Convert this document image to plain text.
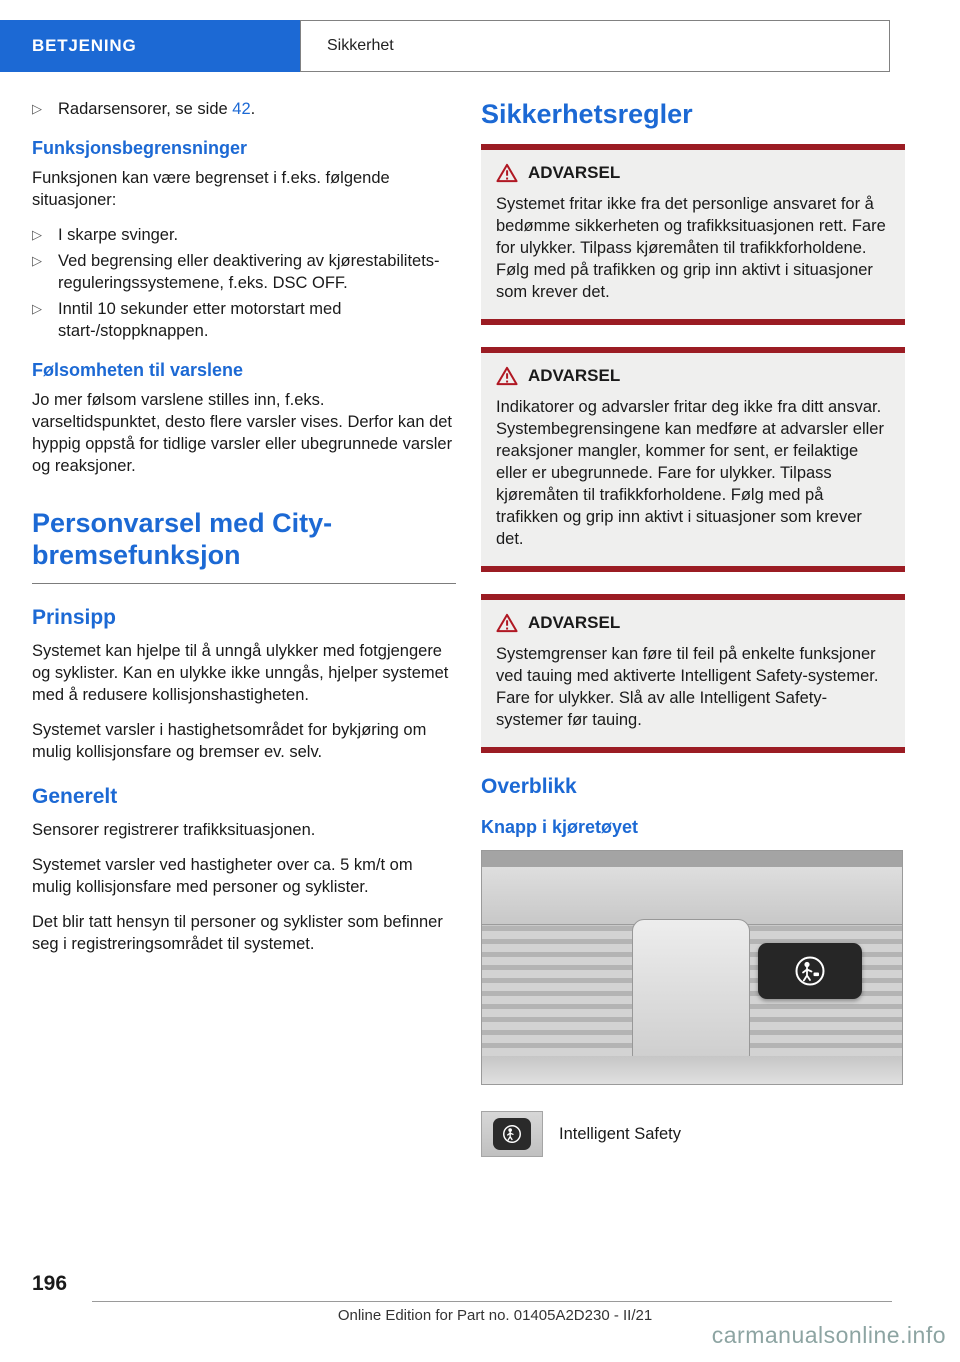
BETJENING	Sikkerhet
▷ Radarsensorer, se side 42.
Funksjonsbegrensninger

Funksjonen kan være begrenset i f.eks. følgende situasjoner:

▷ I skarpe svinger.
▷ Ved begrensing eller deaktivering av kjørestabilitets-reguleringssystemene, f.eks. DSC OFF.
▷ Inntil 10 sekunder etter motorstart med start-/stoppknappen.
Følsomheten til varslene

Jo mer følsom varslene stilles inn, f.eks. varseltidspunktet, desto flere varsler vises. Derfor kan det hyppig oppstå for tidlige varsler eller ubegrunnede varsler og reaksjoner.

Personvarsel med City-bremsefunksjon
Prinsipp

Systemet kan hjelpe til å unngå ulykker med fotgjengere og syklister. Kan en ulykke ikke unngås, hjelper systemet med å redusere kollisjonshastigheten.

Systemet varsler i hastighetsområdet for bykjøring om mulig kollisjonsfare og bremser ev. selv.

Generelt

Sensorer registrerer trafikksituasjonen.

Systemet varsler ved hastigheter over ca. 5 km/t om mulig kollisjonsfare med personer og syklister.

Det blir tatt hensyn til personer og syklister som befinner seg i registreringsområdet til systemet.

Sikkerhetsregler
ADVARSEL
Systemet fritar ikke fra det personlige ansvaret for å bedømme sikkerheten og trafikksituasjonen rett. Fare for ulykker. Tilpass kjøremåten til trafikkforholdene. Følg med på trafikken og grip inn aktivt i situasjoner som krever det.
ADVARSEL
Indikatorer og advarsler fritar deg ikke fra ditt ansvar. Systembegrensingene kan medføre at advarsler eller reaksjoner mangler, kommer for sent, er feilaktige eller er ubegrunnede. Fare for ulykker. Tilpass kjøremåten til trafikkforholdene. Følg med på trafikken og grip inn aktivt i situasjoner som krever det.
ADVARSEL
Systemgrenser kan føre til feil på enkelte funksjoner ved tauing med aktiverte Intelligent Safety-systemer. Fare for ulykker. Slå av alle Intelligent Safety-systemer før tauing.
Overblikk
Knapp i kjøretøyet
Intelligent Safety
196
Online Edition for Part no. 01405A2D230 - II/21
carmanualsonline.info
